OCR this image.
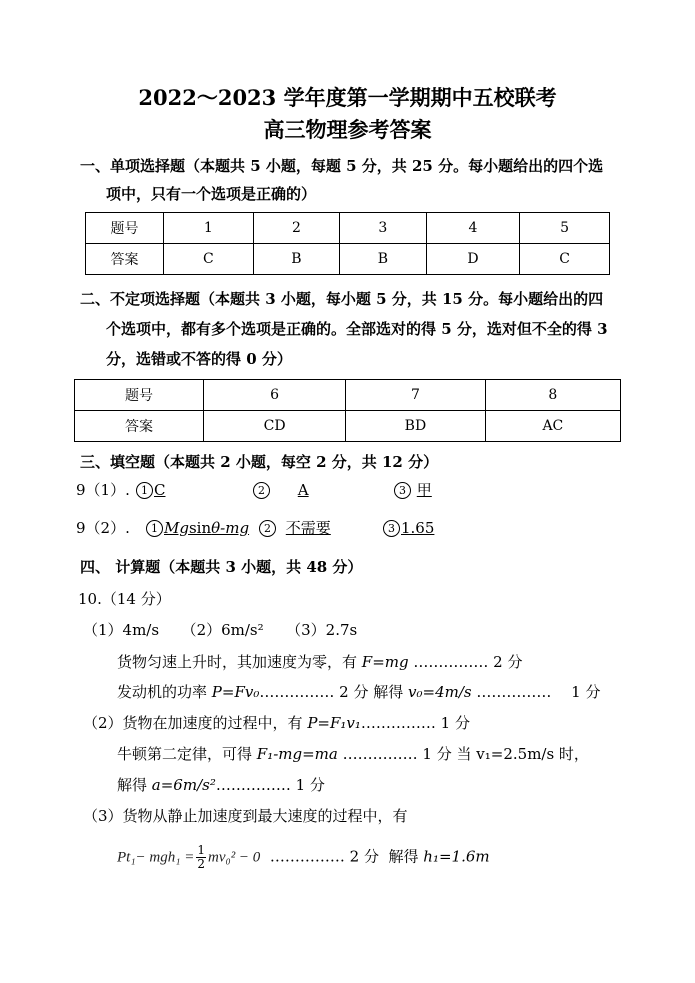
2022～2023 学年度第一学期期中五校联考
高三物理参考答案
一、单项选择题（本题共 5 小题，每题 5 分，共 25 分。每小题给出的四个选
项中，只有一个选项是正确的）
题号	1	2	3	4	5
答案	C	B	B	D	C
二、不定项选择题（本题共 3 小题，每小题 5 分，共 15 分。每小题给出的四
个选项中，都有多个选项是正确的。全部选对的得 5 分，选对但不全的得 3
分，选错或不答的得 0 分）
题号	6	7	8
答案	CD	BD	AC
三、填空题（本题共 2 小题，每空 2 分，共 12 分）
9（1）.	1 C	2 A	3 甲
9（2）.	1 Mgsinθ-mg	2 不需要	3 1.65
四、 计算题（本题共 3 小题，共 48 分）
10.（14 分）
（1）4m/s　　（2）6m/s²　　（3）2.7s
货物匀速上升时，其加速度为零，有 F=mg …………… 2 分
发动机的功率 P=Fv₀…………… 2 分 解得 v₀=4m/s ……………　 1 分
（2）货物在加速度的过程中，有 P=F₁v₁…………… 1 分
牛顿第二定律，可得 F₁-mg=ma …………… 1 分 当 v₁=2.5m/s 时，
解得 a=6m/s²…………… 1 分
（3）货物从静止加速度到最大速度的过程中，有
$Pt_1- mgh_1 = \frac{1}{2} mv_0^2 - 0$ …………… 2 分 解得 h₁=1.6m
